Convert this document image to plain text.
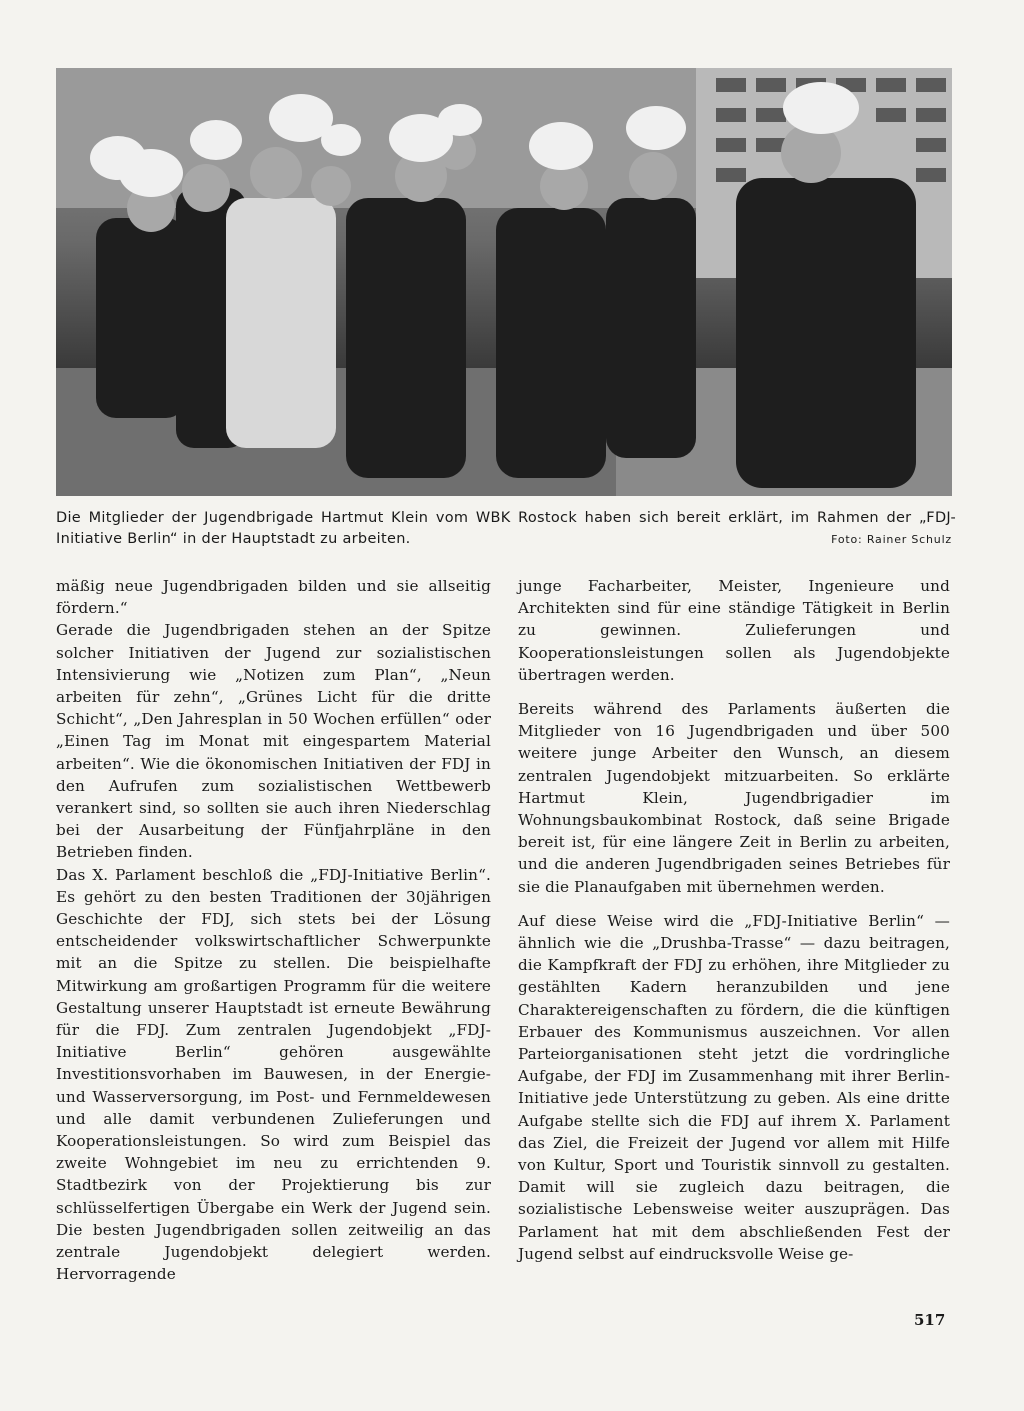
Die Mitglieder der Jugendbrigade Hartmut Klein vom WBK Rostock haben sich bereit erklärt, im Rahmen der „FDJ-Initiative Berlin“ in der Hauptstadt zu arbeiten.	Foto: Rainer Schulz

mäßig neue Jugendbrigaden bilden und sie allseitig fördern.“

Gerade die Jugendbrigaden stehen an der Spitze solcher Initiativen der Jugend zur sozialistischen Intensivierung wie „Notizen zum Plan“, „Neun arbeiten für zehn“, „Grünes Licht für die dritte Schicht“, „Den Jahresplan in 50 Wochen erfüllen“ oder „Einen Tag im Monat mit eingespartem Material arbeiten“. Wie die ökonomischen Initiativen der FDJ in den Aufrufen zum sozialistischen Wettbewerb verankert sind, so sollten sie auch ihren Niederschlag bei der Ausarbeitung der Fünfjahrpläne in den Betrieben finden.

Das X. Parlament beschloß die „FDJ-Initiative Berlin“. Es gehört zu den besten Traditionen der 30jährigen Geschichte der FDJ, sich stets bei der Lösung entscheidender volkswirtschaftlicher Schwerpunkte mit an die Spitze zu stellen. Die beispielhafte Mitwirkung am großartigen Programm für die weitere Gestaltung unserer Hauptstadt ist erneute Bewährung für die FDJ. Zum zentralen Jugendobjekt „FDJ-Initiative Berlin“ gehören ausgewählte Investitionsvorhaben im Bauwesen, in der Energie- und Wasserversorgung, im Post- und Fernmeldewesen und alle damit verbundenen Zulieferungen und Kooperationsleistungen. So wird zum Beispiel das zweite Wohngebiet im neu zu errichtenden 9. Stadtbezirk von der Projektierung bis zur schlüsselfertigen Übergabe ein Werk der Jugend sein. Die besten Jugendbrigaden sollen zeitweilig an das zentrale Jugendobjekt delegiert werden. Hervorragende

junge Facharbeiter, Meister, Ingenieure und Architekten sind für eine ständige Tätigkeit in Berlin zu gewinnen. Zulieferungen und Kooperationsleistungen sollen als Jugendobjekte übertragen werden.

Bereits während des Parlaments äußerten die Mitglieder von 16 Jugendbrigaden und über 500 weitere junge Arbeiter den Wunsch, an diesem zentralen Jugendobjekt mitzuarbeiten. So erklärte Hartmut Klein, Jugendbrigadier im Wohnungsbaukombinat Rostock, daß seine Brigade bereit ist, für eine längere Zeit in Berlin zu arbeiten, und die anderen Jugendbrigaden seines Betriebes für sie die Planaufgaben mit übernehmen werden.

Auf diese Weise wird die „FDJ-Initiative Berlin“ — ähnlich wie die „Drushba-Trasse“ — dazu beitragen, die Kampfkraft der FDJ zu erhöhen, ihre Mitglieder zu gestählten Kadern heranzubilden und jene Charaktereigenschaften zu fördern, die die künftigen Erbauer des Kommunismus auszeichnen. Vor allen Parteiorganisationen steht jetzt die vordringliche Aufgabe, der FDJ im Zusammenhang mit ihrer Berlin-Initiative jede Unterstützung zu geben. Als eine dritte Aufgabe stellte sich die FDJ auf ihrem X. Parlament das Ziel, die Freizeit der Jugend vor allem mit Hilfe von Kultur, Sport und Touristik sinnvoll zu gestalten. Damit will sie zugleich dazu beitragen, die sozialistische Lebensweise weiter auszuprägen. Das Parlament hat mit dem abschließenden Fest der Jugend selbst auf eindrucksvolle Weise ge-

517
